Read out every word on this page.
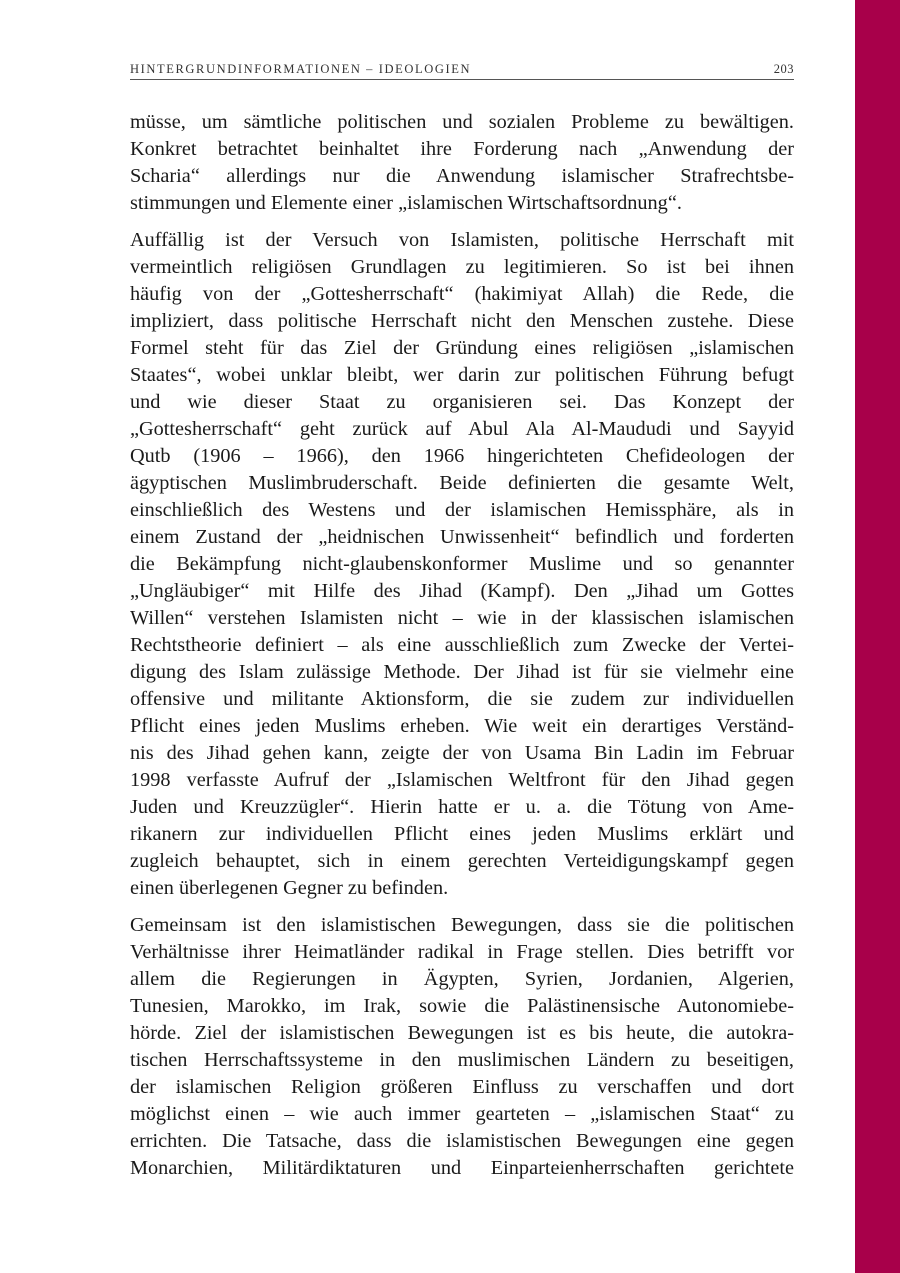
HINTERGRUNDINFORMATIONEN – IDEOLOGIEN	203

müsse, um sämtliche politischen und sozialen Probleme zu bewältigen.
Konkret betrachtet beinhaltet ihre Forderung nach „Anwendung der
Scharia“ allerdings nur die Anwendung islamischer Strafrechtsbe-
stimmungen und Elemente einer „islamischen Wirtschaftsordnung“.

Auffällig ist der Versuch von Islamisten, politische Herrschaft mit
vermeintlich religiösen Grundlagen zu legitimieren. So ist bei ihnen
häufig von der „Gottesherrschaft“ (hakimiyat Allah) die Rede, die
impliziert, dass politische Herrschaft nicht den Menschen zustehe. Diese
Formel steht für das Ziel der Gründung eines religiösen „islamischen
Staates“, wobei unklar bleibt, wer darin zur politischen Führung befugt
und wie dieser Staat zu organisieren sei. Das Konzept der
„Gottesherrschaft“ geht zurück auf Abul Ala Al-Maududi und Sayyid
Qutb (1906 – 1966), den 1966 hingerichteten Chefideologen der
ägyptischen Muslimbruderschaft. Beide definierten die gesamte Welt,
einschließlich des Westens und der islamischen Hemissphäre, als in
einem Zustand der „heidnischen Unwissenheit“ befindlich und forderten
die Bekämpfung nicht-glaubenskonformer Muslime und so genannter
„Ungläubiger“ mit Hilfe des Jihad (Kampf). Den „Jihad um Gottes
Willen“ verstehen Islamisten nicht – wie in der klassischen islamischen
Rechtstheorie definiert – als eine ausschließlich zum Zwecke der Vertei-
digung des Islam zulässige Methode. Der Jihad ist für sie vielmehr eine
offensive und militante Aktionsform, die sie zudem zur individuellen
Pflicht eines jeden Muslims erheben. Wie weit ein derartiges Verständ-
nis des Jihad gehen kann, zeigte der von Usama Bin Ladin im Februar
1998 verfasste Aufruf der „Islamischen Weltfront für den Jihad gegen
Juden und Kreuzzügler“. Hierin hatte er u. a. die Tötung von Ame-
rikanern zur individuellen Pflicht eines jeden Muslims erklärt und
zugleich behauptet, sich in einem gerechten Verteidigungskampf gegen
einen überlegenen Gegner zu befinden.

Gemeinsam ist den islamistischen Bewegungen, dass sie die politischen
Verhältnisse ihrer Heimatländer radikal in Frage stellen. Dies betrifft vor
allem die Regierungen in Ägypten, Syrien, Jordanien, Algerien,
Tunesien, Marokko, im Irak, sowie die Palästinensische Autonomiebe-
hörde. Ziel der islamistischen Bewegungen ist es bis heute, die autokra-
tischen Herrschaftssysteme in den muslimischen Ländern zu beseitigen,
der islamischen Religion größeren Einfluss zu verschaffen und dort
möglichst einen – wie auch immer gearteten – „islamischen Staat“ zu
errichten. Die Tatsache, dass die islamistischen Bewegungen eine gegen
Monarchien, Militärdiktaturen und Einparteienherrschaften gerichtete
